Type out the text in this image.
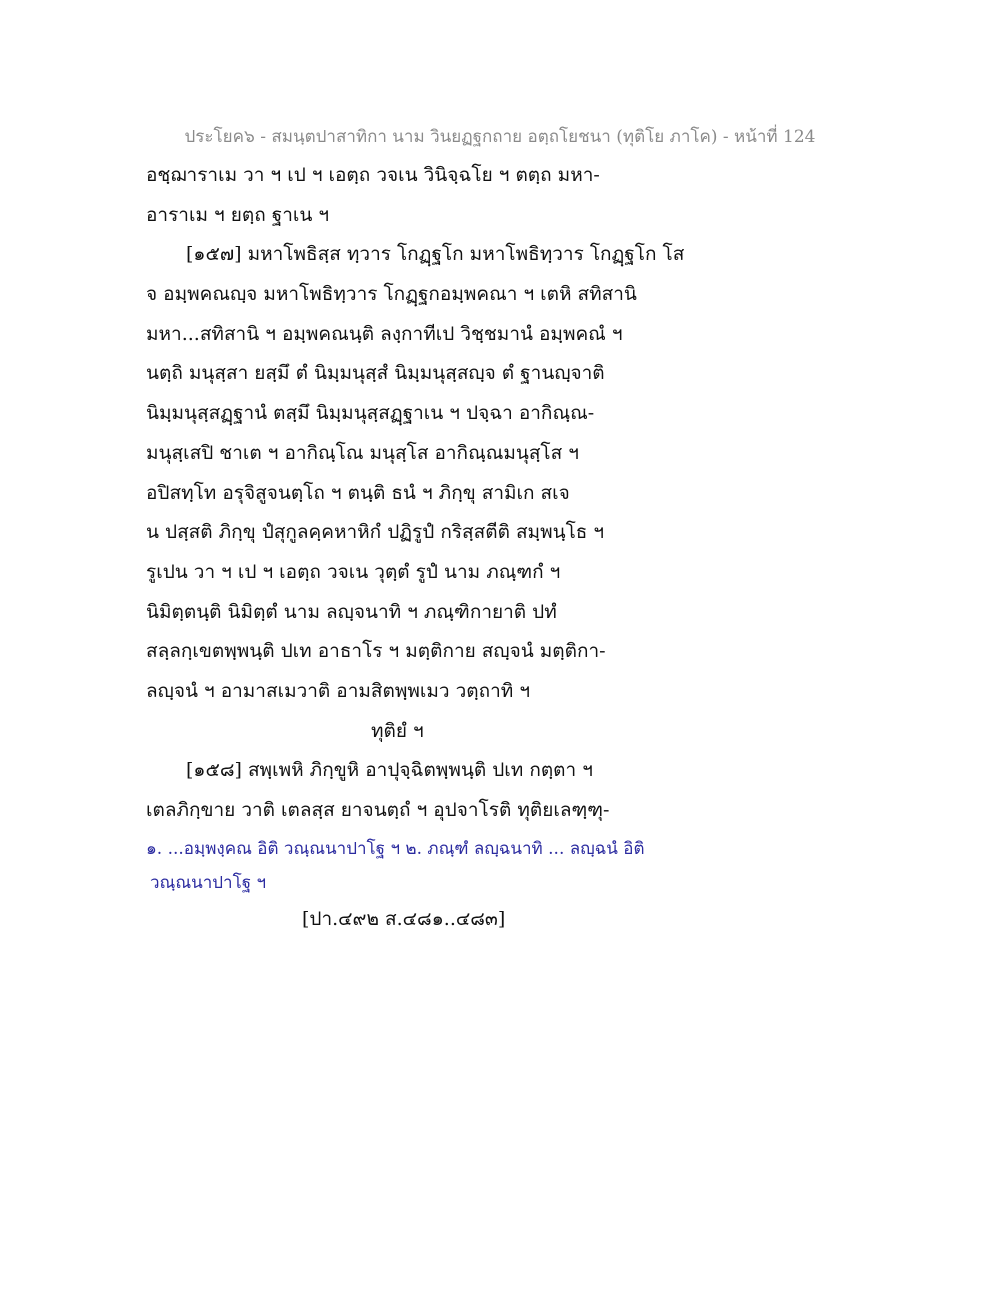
ประโยค๖ - สมนฺตปาสาทิกา นาม วินยฏฐกถาย อตฺถโยชนา (ทุติโย ภาโค) - หน้าที่ 124
อชฺฌาราเม วา ฯ เป ฯ เอตฺถ วจเน วินิจฺฉโย ฯ ตตฺถ มหา-
อาราเม ฯ ยตฺถ ฐาเน ฯ
[๑๕๗] มหาโพธิสฺส ทฺวาร โกฏฺฐโก มหาโพธิทฺวาร โกฏฺฐโก โส
จ อมฺพคณญฺจ มหาโพธิทฺวาร โกฏฺฐกอมฺพคณา ฯ เตหิ สทิสานิ
มหา...สทิสานิ ฯ อมฺพคณนฺติ ลงฺกาทีเป วิชฺชมานํ อมฺพคณํ ฯ
นตฺถิ มนุสฺสา ยสฺมึ ตํ นิมฺมนุสฺสํ นิมฺมนุสฺสญฺจ ตํ ฐานญฺจาติ
นิมฺมนุสฺสฏฺฐานํ ตสฺมึ นิมฺมนุสฺสฏฺฐาเน ฯ ปจฺฉา อากิณฺณ-
มนุสฺเสปิ ชาเต ฯ อากิณฺโณ มนุสฺโส อากิณฺณมนุสฺโส ฯ
อปิสทฺโท อรุจิสูจนตฺโถ ฯ ตนฺติ ธนํ ฯ ภิกฺขุ สามิเก สเจ
น ปสฺสติ ภิกฺขุ ปํสุกูลคฺคหาหิกํ ปฏิรูปํ กริสฺสตีติ สมฺพนฺโธ ฯ
รูเปน วา ฯ เป ฯ เอตฺถ วจเน วุตฺตํ รูปํ นาม ภณฺฑกํ ฯ
นิมิตฺตนฺติ นิมิตฺตํ นาม ลญฺจนาทิ ฯ ภณฺฑิกายาติ ปทํ
สลฺลกฺเขตพฺพนฺติ ปเท อาธาโร ฯ มตฺติกาย สญฺจนํ มตฺติกา-
ลญฺจนํ ฯ อามาสเมวาติ อามสิตพฺพเมว วตฺถาทิ ฯ
ทุติยํ ฯ
[๑๕๘] สพฺเพหิ ภิกฺขูหิ อาปุจฺฉิตพฺพนฺติ ปเท กตฺตา ฯ
เตลภิกฺขาย วาติ เตลสฺส ยาจนตฺถํ ฯ อุปจาโรติ ทุติยเลฑฺฑุ-
๑. ...อมฺพงฺคณ อิติ วณฺณนาปาโฐ ฯ ๒. ภณฺฑํ ลญฺฉนาทิ ... ลญฺฉนํ อิติ
วณฺณนาปาโฐ ฯ
[ปา.๔๙๒ ส.๔๘๑..๔๘๓]
